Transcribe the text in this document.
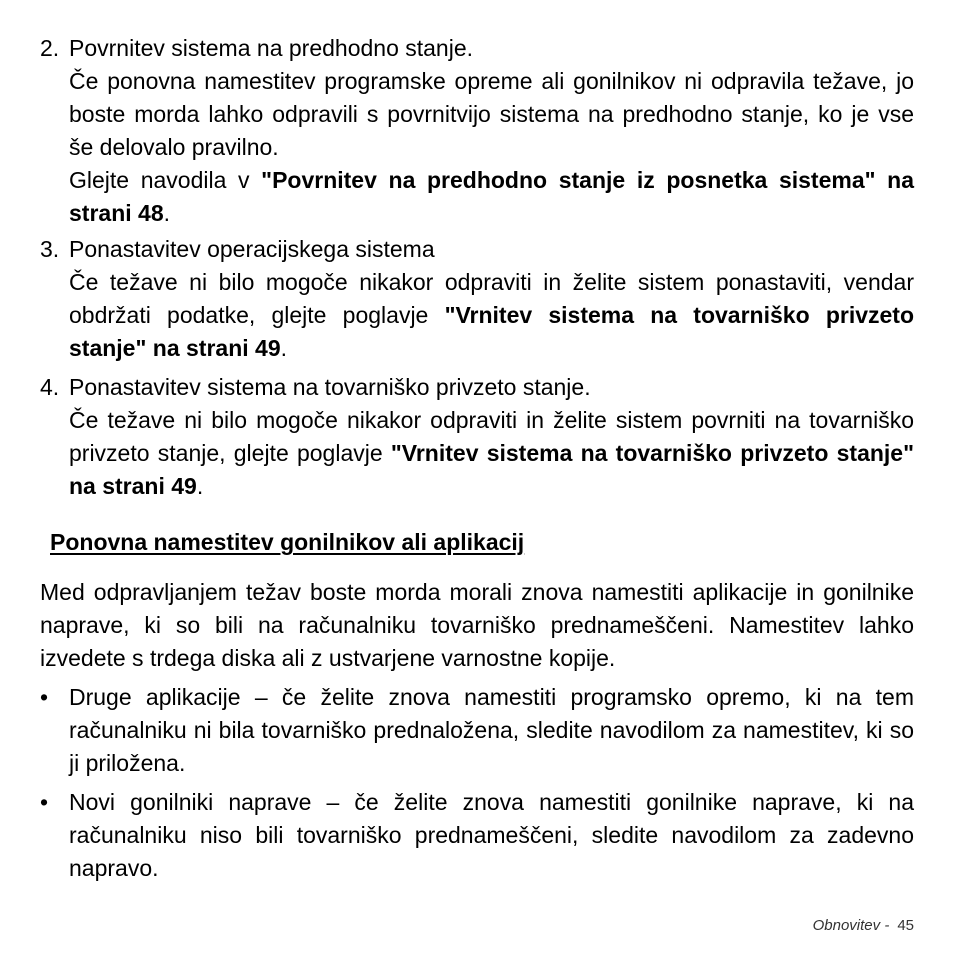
2. Povrnitev sistema na predhodno stanje.

Če ponovna namestitev programske opreme ali gonilnikov ni odpravila težave, jo boste morda lahko odpravili s povrnitvijo sistema na predhodno stanje, ko je vse še delovalo pravilno.

Glejte navodila v "Povrnitev na predhodno stanje iz posnetka sistema" na strani 48.

3. Ponastavitev operacijskega sistema

Če težave ni bilo mogoče nikakor odpraviti in želite sistem ponastaviti, vendar obdržati podatke, glejte poglavje "Vrnitev sistema na tovarniško privzeto stanje" na strani 49.

4. Ponastavitev sistema na tovarniško privzeto stanje.

Če težave ni bilo mogoče nikakor odpraviti in želite sistem povrniti na tovarniško privzeto stanje, glejte poglavje "Vrnitev sistema na tovarniško privzeto stanje" na strani 49.

Ponovna namestitev gonilnikov ali aplikacij

Med odpravljanjem težav boste morda morali znova namestiti aplikacije in gonilnike naprave, ki so bili na računalniku tovarniško prednameščeni. Namestitev lahko izvedete s trdega diska ali z ustvarjene varnostne kopije.

• Druge aplikacije – če želite znova namestiti programsko opremo, ki na tem računalniku ni bila tovarniško prednaložena, sledite navodilom za namestitev, ki so ji priložena.
• Novi gonilniki naprave – če želite znova namestiti gonilnike naprave, ki na računalniku niso bili tovarniško prednameščeni, sledite navodilom za zadevno napravo.
Obnovitev - 45
